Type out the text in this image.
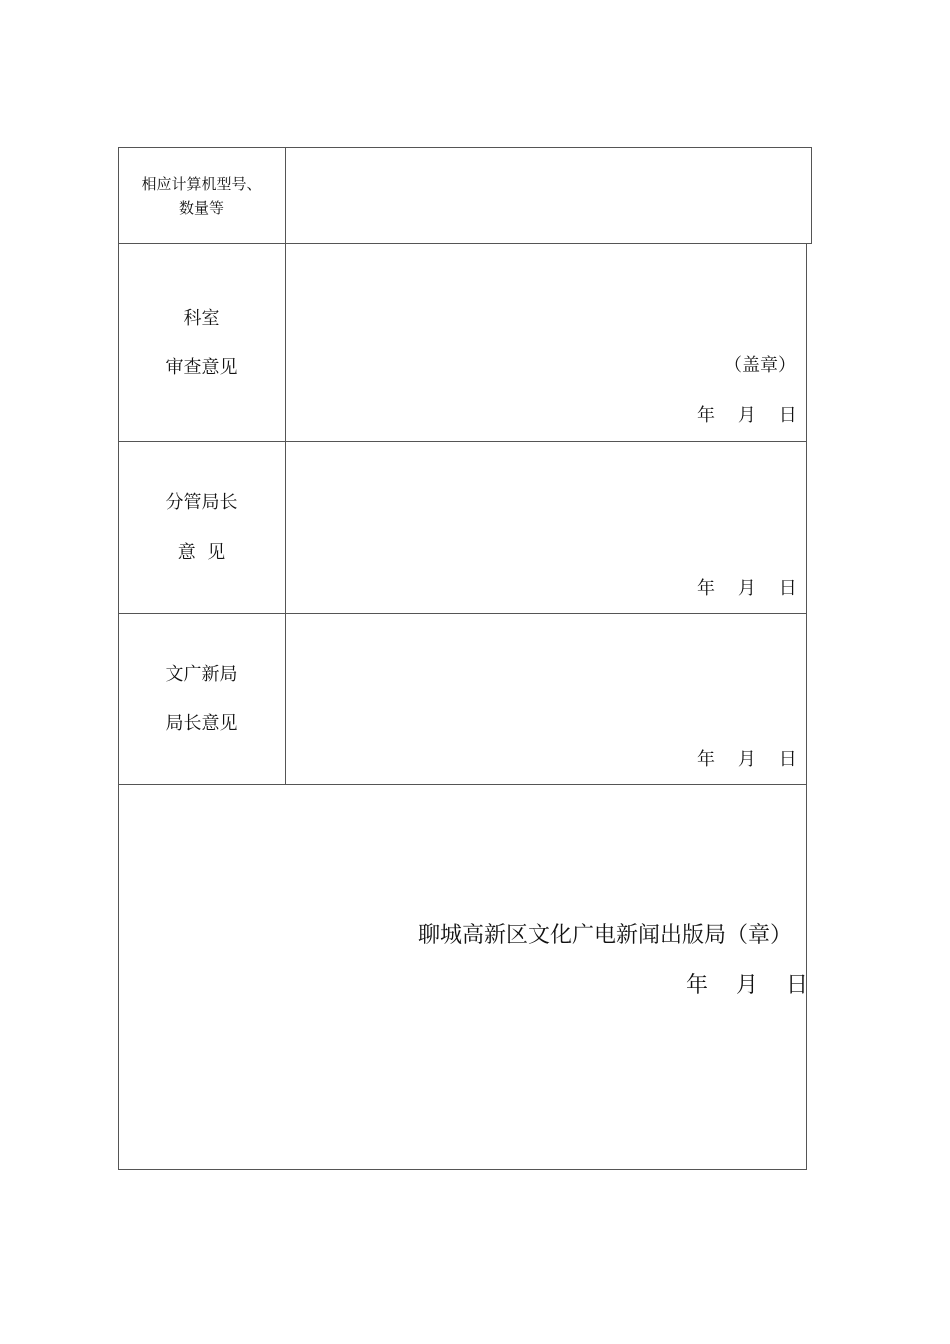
相应计算机型号、
数量等
科室
审查意见	（盖章）
年    月    日
分管局长
意  见
年    月    日
文广新局
局长意见
年    月    日
聊城高新区文化广电新闻出版局（章）
年    月    日
